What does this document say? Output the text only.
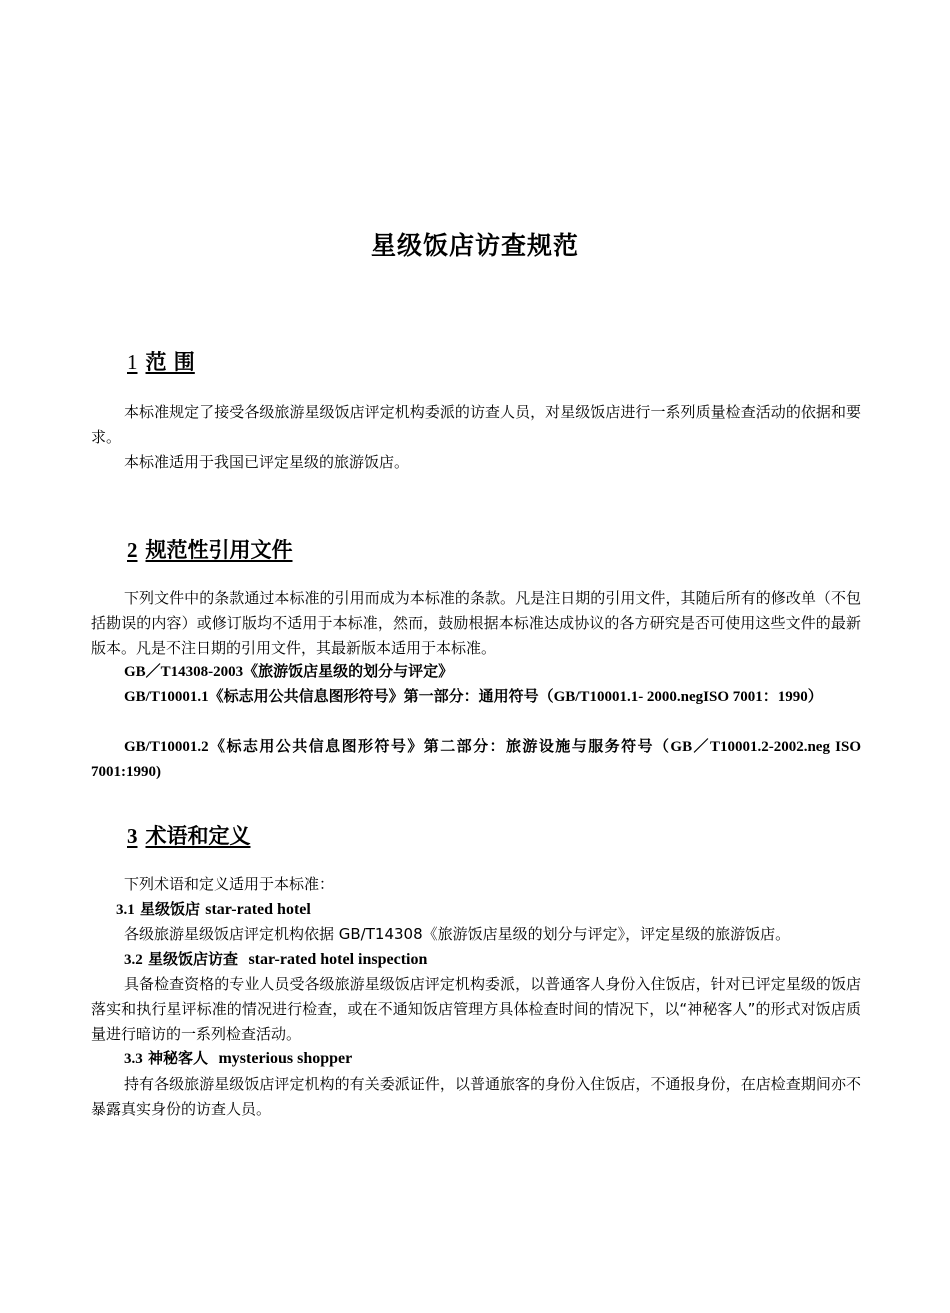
星级饭店访查规范
1 范 围

本标准规定了接受各级旅游星级饭店评定机构委派的访查人员，对星级饭店进行一系列质量检查活动的依据和要求。

本标准适用于我国已评定星级的旅游饭店。

2 规范性引用文件

下列文件中的条款通过本标准的引用而成为本标准的条款。凡是注日期的引用文件，其随后所有的修改单（不包括勘误的内容）或修订版均不适用于本标准，然而，鼓励根据本标准达成协议的各方研究是否可使用这些文件的最新版本。凡是不注日期的引用文件，其最新版本适用于本标准。

GB／T14308-2003《旅游饭店星级的划分与评定》

GB/T10001.1《标志用公共信息图形符号》第一部分：通用符号（GB/T10001.1- 2000.negISO 7001：1990）

GB/T10001.2《标志用公共信息图形符号》第二部分：旅游设施与服务符号（GB／T10001.2-2002.neg ISO 7001:1990)

3 术语和定义

下列术语和定义适用于本标准：

3.1 星级饭店 star-rated hotel

各级旅游星级饭店评定机构依据 GB/T14308《旅游饭店星级的划分与评定》，评定星级的旅游饭店。

3.2 星级饭店访查 star-rated hotel inspection

具备检查资格的专业人员受各级旅游星级饭店评定机构委派，以普通客人身份入住饭店，针对已评定星级的饭店落实和执行星评标准的情况进行检查，或在不通知饭店管理方具体检查时间的情况下，以“神秘客人”的形式对饭店质量进行暗访的一系列检查活动。

3.3 神秘客人 mysterious shopper

持有各级旅游星级饭店评定机构的有关委派证件，以普通旅客的身份入住饭店，不通报身份，在店检查期间亦不暴露真实身份的访查人员。
